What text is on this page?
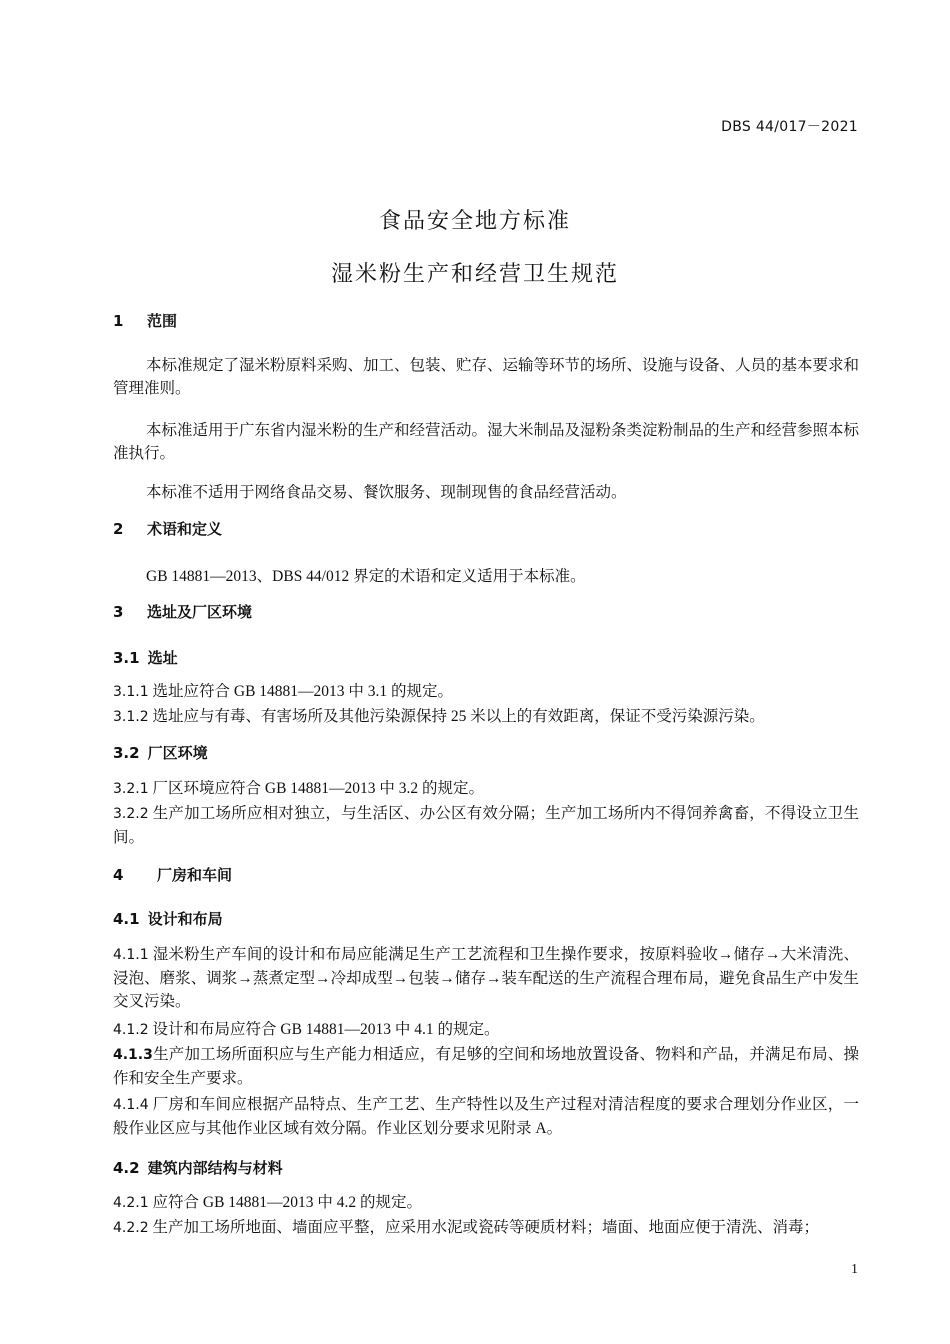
DBS 44/017－2021
食品安全地方标准
湿米粉生产和经营卫生规范
1 范围
本标准规定了湿米粉原料采购、加工、包装、贮存、运输等环节的场所、设施与设备、人员的基本要求和管理准则。
本标准适用于广东省内湿米粉的生产和经营活动。湿大米制品及湿粉条类淀粉制品的生产和经营参照本标准执行。
本标准不适用于网络食品交易、餐饮服务、现制现售的食品经营活动。
2 术语和定义
GB 14881—2013、DBS 44/012 界定的术语和定义适用于本标准。
3 选址及厂区环境
3.1 选址
3.1.1 选址应符合 GB 14881—2013 中 3.1 的规定。
3.1.2 选址应与有毒、有害场所及其他污染源保持 25 米以上的有效距离，保证不受污染源污染。
3.2 厂区环境
3.2.1 厂区环境应符合 GB 14881—2013 中 3.2 的规定。
3.2.2 生产加工场所应相对独立，与生活区、办公区有效分隔；生产加工场所内不得饲养禽畜，不得设立卫生间。
4 厂房和车间
4.1 设计和布局
4.1.1 湿米粉生产车间的设计和布局应能满足生产工艺流程和卫生操作要求，按原料验收→储存→大米清洗、浸泡、磨浆、调浆→蒸煮定型→冷却成型→包装→储存→装车配送的生产流程合理布局，避免食品生产中发生交叉污染。
4.1.2 设计和布局应符合 GB 14881—2013 中 4.1 的规定。
4.1.3生产加工场所面积应与生产能力相适应，有足够的空间和场地放置设备、物料和产品，并满足布局、操作和安全生产要求。
4.1.4 厂房和车间应根据产品特点、生产工艺、生产特性以及生产过程对清洁程度的要求合理划分作业区，一般作业区应与其他作业区域有效分隔。作业区划分要求见附录 A。
4.2 建筑内部结构与材料
4.2.1 应符合 GB 14881—2013 中 4.2 的规定。
4.2.2 生产加工场所地面、墙面应平整，应采用水泥或瓷砖等硬质材料；墙面、地面应便于清洗、消毒；
1
